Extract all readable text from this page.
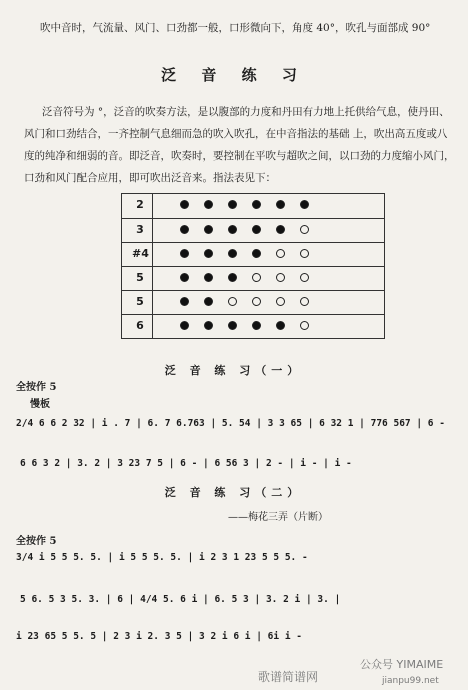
吹中音时，气流量、风门、口劲都一般，口形微向下，角度 40°，吹孔与面部成 90°
泛 音 练 习
泛音符号为 °，泛音的吹奏方法，是以腹部的力度和丹田有力地上托供给气息，使丹田、
风门和口劲结合，一齐控制气息细而急的吹入吹孔，在中音指法的基础 上，吹出高五度或八
度的纯净和细弱的音。即泛音，吹奏时，要控制在平吹与超吹之间，以口劲的力度缩小风门，
口劲和风门配合应用，即可吹出泛音来。指法表见下：
2
3
#4
5
5
6
泛 音 练 习（一）
全按作 5
慢板
2/4 6 6 2 32 | i . 7 | 6. 7 6.763 | 5. 54 | 3 3 65 | 6 32 1 | 776 567 | 6 -
6 6 3 2 | 3. 2 | 3 23 7 5 | 6 - | 6 56 3 | 2 - | i - | i -
泛 音 练 习（二）
——梅花三弄（片断）
全按作 5
3/4 i 5 5 5. 5. | i 5 5 5. 5. | i 2 3 1 23 5 5 5. -
5 6. 5 3 5. 3. | 6 | 4/4 5. 6 i | 6. 5 3 | 3. 2 i | 3. |
i 23 65 5 5. 5 | 2 3 i 2. 3 5 | 3 2 i 6 i | 6i i -
歌谱简谱网
公众号 YIMAIME
jianpu99.net
